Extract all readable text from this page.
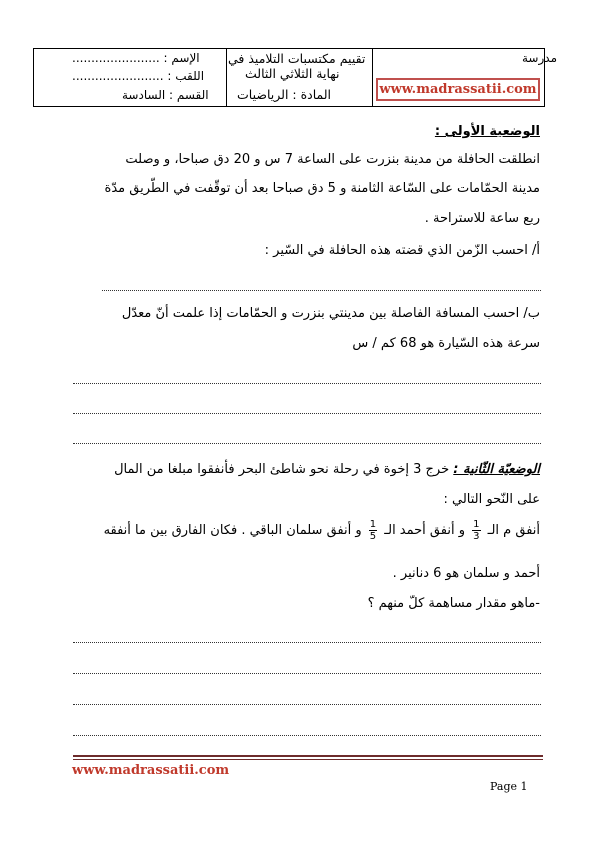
مدرسة
www.madrassatii.com
تقييم مكتسبات التلاميذ في
نهاية الثلاثي الثالث
المادة : الرياضيات
الإسم : .......................
اللقب : ........................
القسم : السادسة
الوضعية الأولى :
انطلقت الحافلة من مدينة بنزرت على الساعة 7 س و 20 دق صباحا، و وصلت
مدينة الحمّامات على السّاعة الثامنة و 5 دق صباحا بعد أن توقّفت في الطّريق مدّة
ربع ساعة للاستراحة .
أ/ احسب الزّمن الذي قضته هذه الحافلة في السّير :
ب/ احسب المسافة الفاصلة بين مدينتي بنزرت و الحمّامات إذا علمت أنّ معدّل
سرعة هذه السّيارة هو 68 كم / س
الوضعيّة الثّانية : خرج 3 إخوة في رحلة نحو شاطئ البحر فأنفقوا مبلغا من المال
على النّحو التالي :
أنفق م الـ
$\frac{1}{3}$
و أنفق أحمد الـ
$\frac{1}{5}$
و أنفق سلمان الباقي . فكان الفارق بين ما أنفقه
أحمد و سلمان هو 6 دنانير .
-ماهو مقدار مساهمة كلّ منهم ؟
www.madrassatii.com
Page 1
